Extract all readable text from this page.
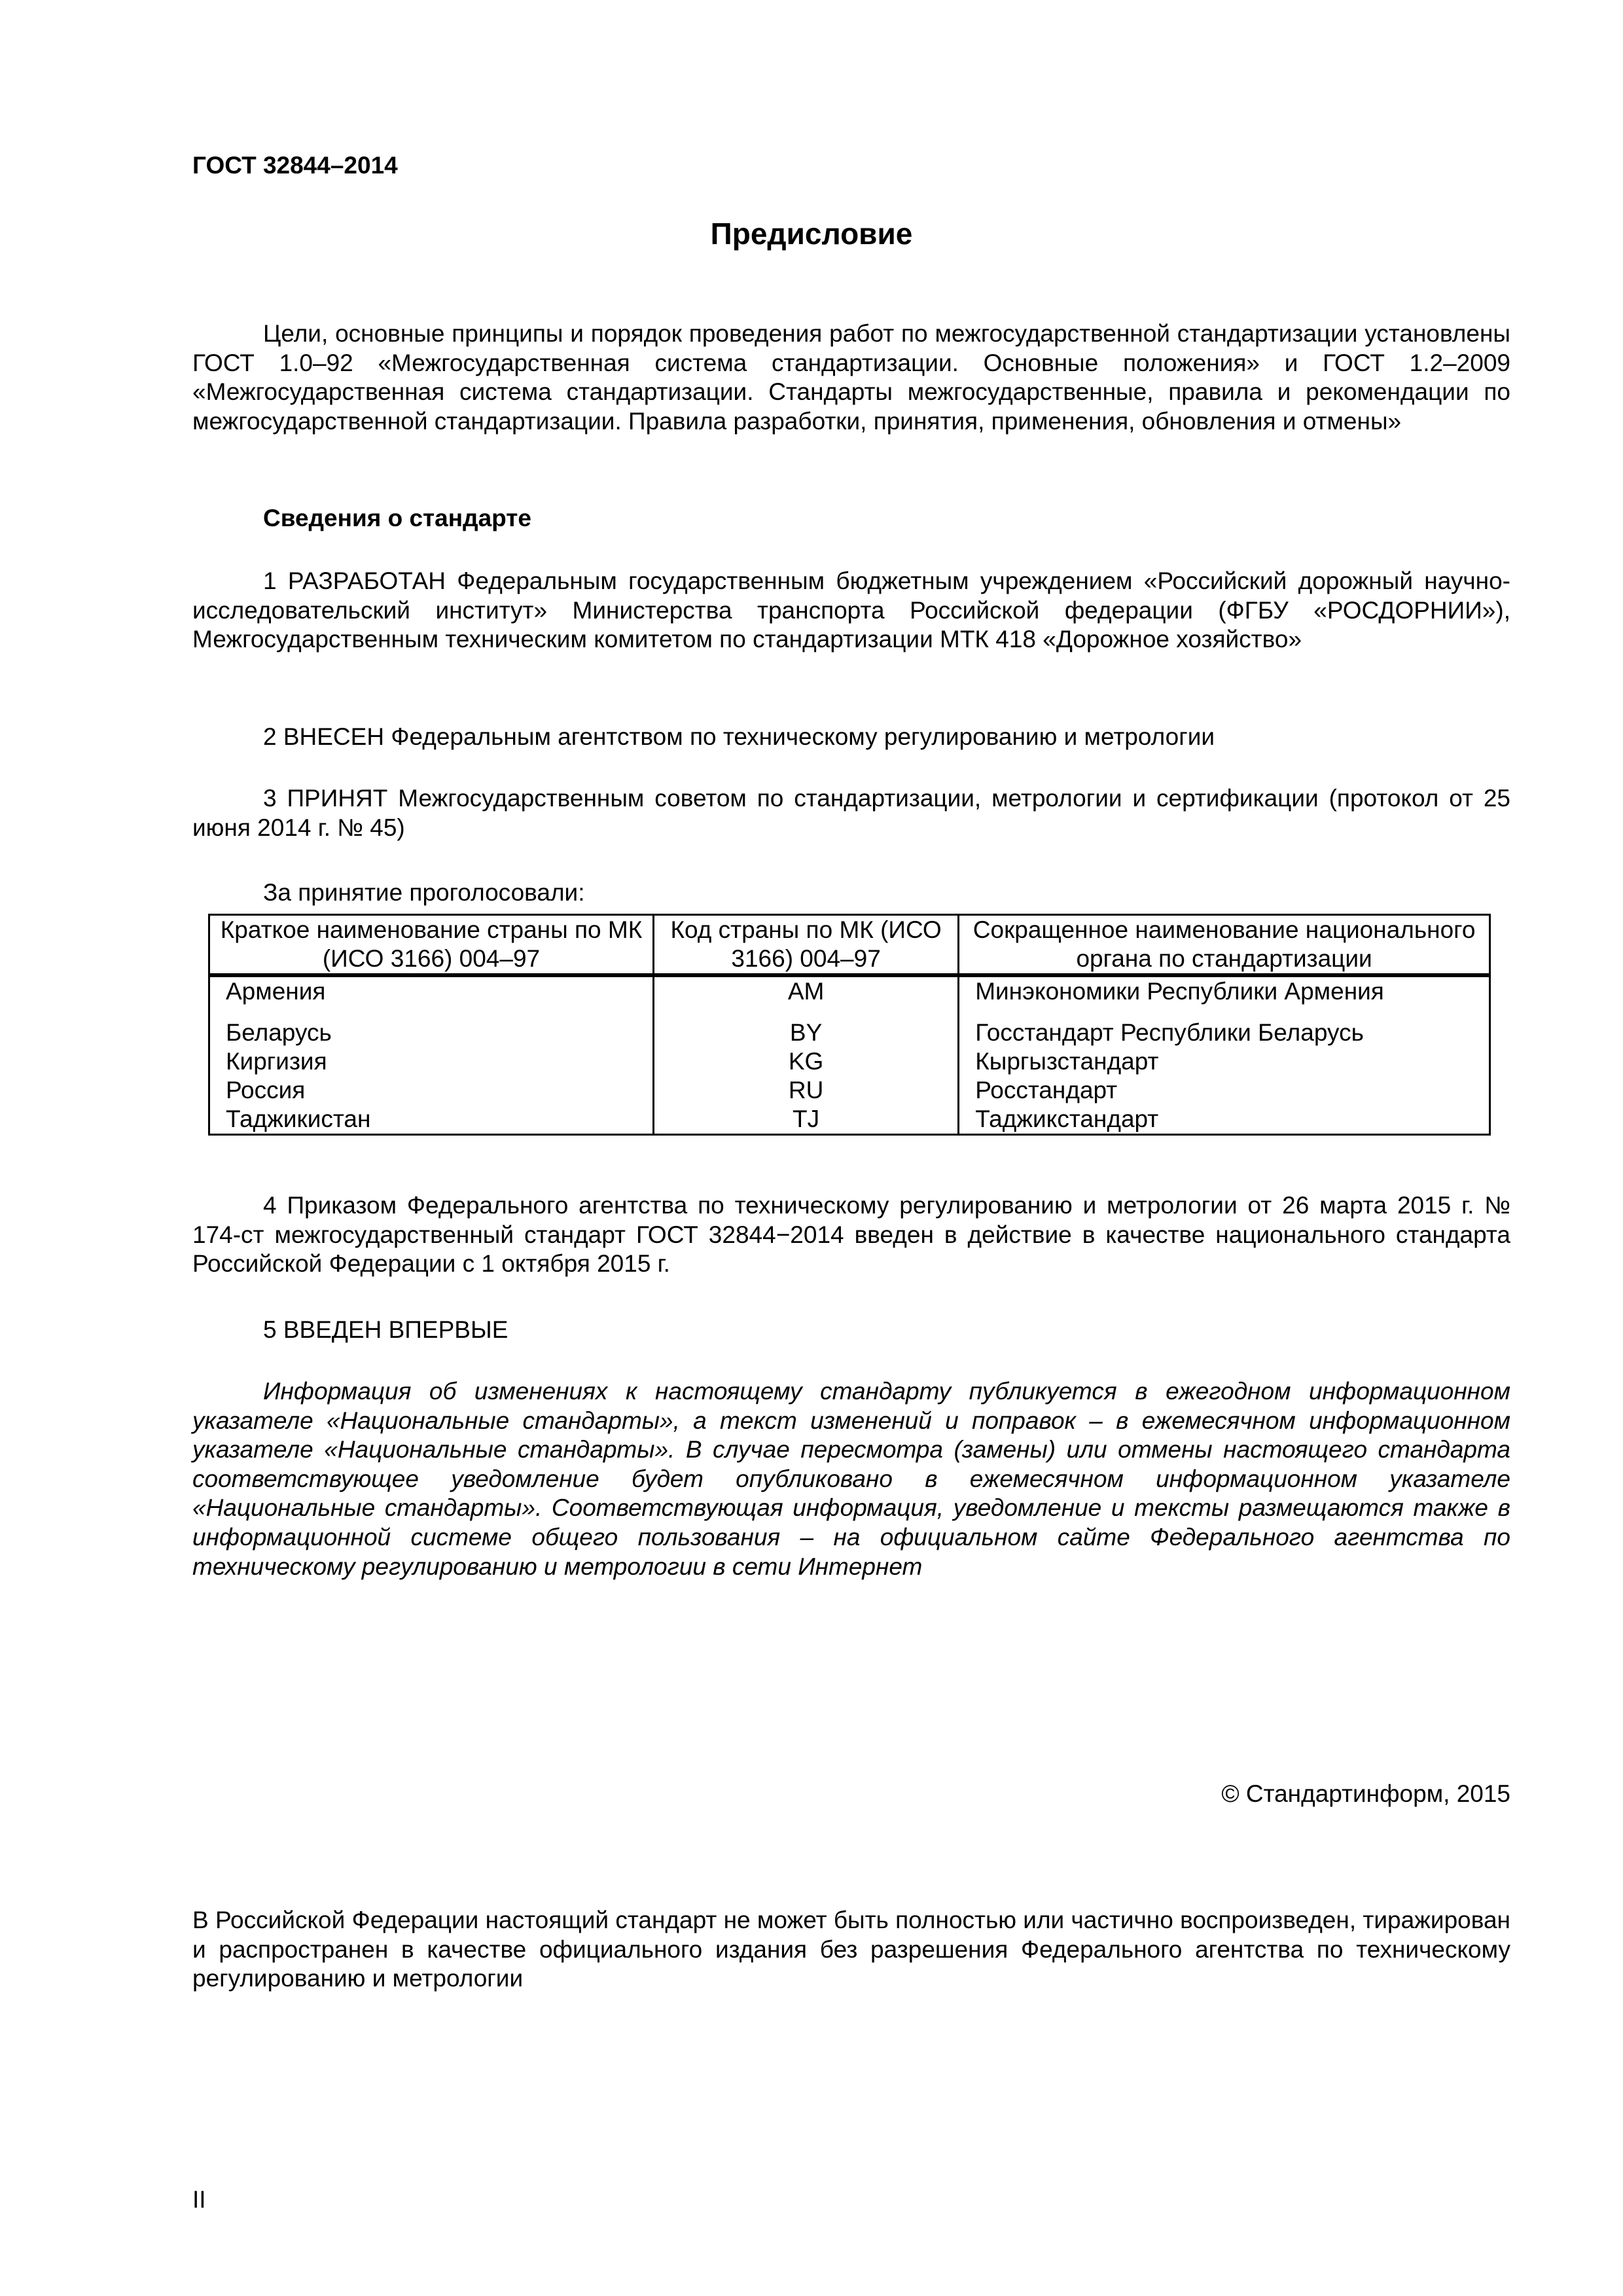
ГОСТ 32844–2014
Предисловие
Цели, основные принципы и порядок проведения работ по межгосударственной стандартизации установлены ГОСТ 1.0–92 «Межгосударственная система стандартизации. Основные положения» и ГОСТ 1.2–2009 «Межгосударственная система стандартизации. Стандарты межгосударственные, правила и рекомендации по межгосударственной стандартизации. Правила разработки, принятия, применения, обновления и отмены»
Сведения о стандарте
1 РАЗРАБОТАН Федеральным государственным бюджетным учреждением «Российский дорожный научно-исследовательский институт» Министерства транспорта Российской федерации (ФГБУ «РОСДОРНИИ»), Межгосударственным техническим комитетом по стандартизации МТК 418 «Дорожное хозяйство»
2 ВНЕСЕН Федеральным агентством по техническому регулированию и метрологии
3 ПРИНЯТ Межгосударственным советом по стандартизации, метрологии и сертификации (протокол от 25 июня 2014 г. № 45)
За принятие проголосовали:
Краткое наименование страны по МК (ИСО 3166) 004–97	Код страны по МК (ИСО 3166) 004–97	Сокращенное наименование национального органа по стандартизации
Армения	AM	Минэкономики Республики Армения
Беларусь	BY	Госстандарт Республики Беларусь
Киргизия	KG	Кыргызстандарт
Россия	RU	Росстандарт
Таджикистан	TJ	Таджикстандарт
4 Приказом Федерального агентства по техническому регулированию и метрологии от 26 марта 2015 г. № 174-ст межгосударственный стандарт ГОСТ 32844−2014 введен в действие в качестве национального стандарта Российской Федерации с 1 октября 2015 г.
5 ВВЕДЕН ВПЕРВЫЕ
Информация об изменениях к настоящему стандарту публикуется в ежегодном информационном указателе «Национальные стандарты», а текст изменений и поправок – в ежемесячном информационном указателе «Национальные стандарты». В случае пересмотра (замены) или отмены настоящего стандарта соответствующее уведомление будет опубликовано в ежемесячном информационном указателе «Национальные стандарты». Соответствующая информация, уведомление и тексты размещаются также в информационной системе общего пользования – на официальном сайте Федерального агентства по техническому регулированию и метрологии в сети Интернет
© Стандартинформ, 2015
В Российской Федерации настоящий стандарт не может быть полностью или частично воспроизведен, тиражирован и распространен в качестве официального издания без разрешения Федерального агентства по техническому регулированию и метрологии
II
